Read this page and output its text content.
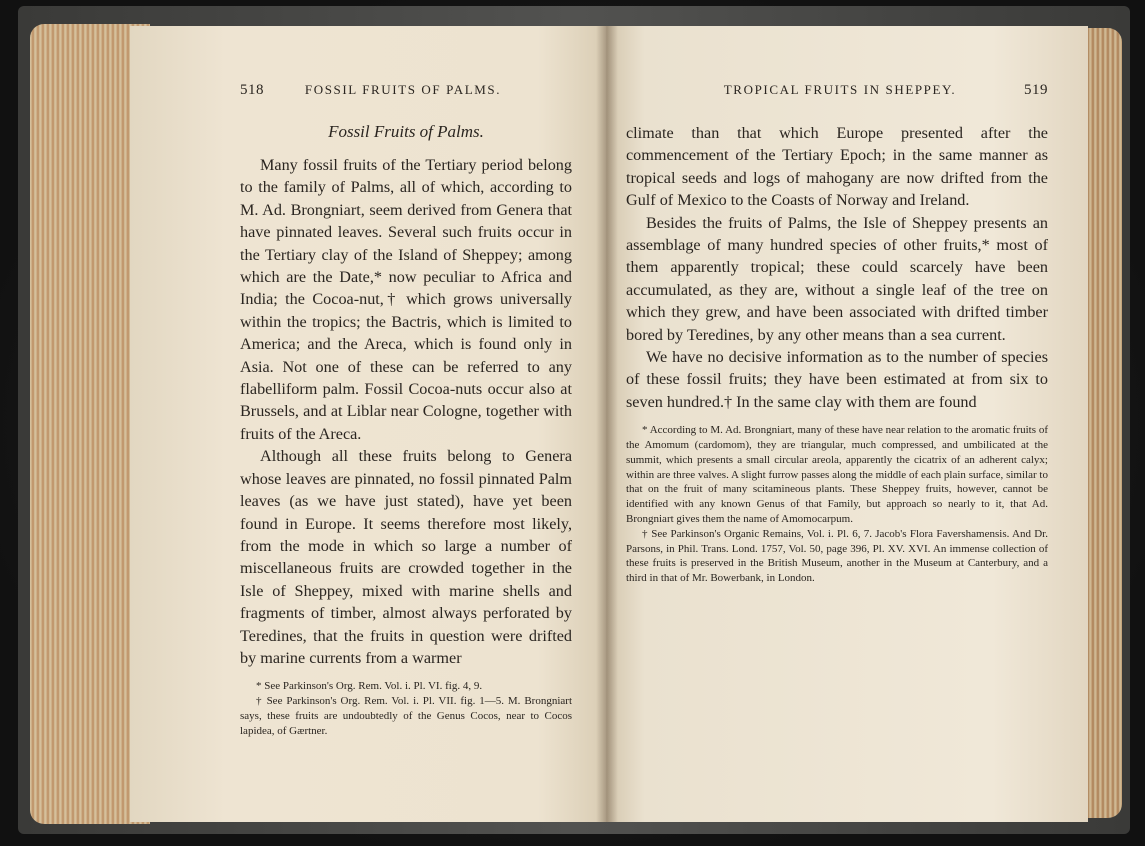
518	FOSSIL FRUITS OF PALMS.

Fossil Fruits of Palms.

Many fossil fruits of the Tertiary period belong to the family of Palms, all of which, according to M. Ad. Brongniart, seem derived from Genera that have pinnated leaves. Several such fruits occur in the Tertiary clay of the Island of Sheppey; among which are the Date,* now peculiar to Africa and India; the Cocoa-nut,† which grows universally within the tropics; the Bactris, which is limited to America; and the Areca, which is found only in Asia. Not one of these can be referred to any flabelliform palm. Fossil Cocoa-nuts occur also at Brussels, and at Liblar near Cologne, together with fruits of the Areca.

Although all these fruits belong to Genera whose leaves are pinnated, no fossil pinnated Palm leaves (as we have just stated), have yet been found in Europe. It seems therefore most likely, from the mode in which so large a number of miscellaneous fruits are crowded together in the Isle of Sheppey, mixed with marine shells and fragments of timber, almost always perforated by Teredines, that the fruits in question were drifted by marine currents from a warmer

* See Parkinson's Org. Rem. Vol. i. Pl. VI. fig. 4, 9.

† See Parkinson's Org. Rem. Vol. i. Pl. VII. fig. 1—5. M. Brongniart says, these fruits are undoubtedly of the Genus Cocos, near to Cocos lapidea, of Gærtner.

TROPICAL FRUITS IN SHEPPEY.	519

climate than that which Europe presented after the commencement of the Tertiary Epoch; in the same manner as tropical seeds and logs of mahogany are now drifted from the Gulf of Mexico to the Coasts of Norway and Ireland.

Besides the fruits of Palms, the Isle of Sheppey presents an assemblage of many hundred species of other fruits,* most of them apparently tropical; these could scarcely have been accumulated, as they are, without a single leaf of the tree on which they grew, and have been associated with drifted timber bored by Teredines, by any other means than a sea current.

We have no decisive information as to the number of species of these fossil fruits; they have been estimated at from six to seven hundred.† In the same clay with them are found

* According to M. Ad. Brongniart, many of these have near relation to the aromatic fruits of the Amomum (cardomom), they are triangular, much compressed, and umbilicated at the summit, which presents a small circular areola, apparently the cicatrix of an adherent calyx; within are three valves. A slight furrow passes along the middle of each plain surface, similar to that on the fruit of many scitamineous plants. These Sheppey fruits, however, cannot be identified with any known Genus of that Family, but approach so nearly to it, that Ad. Brongniart gives them the name of Amomocarpum.

† See Parkinson's Organic Remains, Vol. i. Pl. 6, 7. Jacob's Flora Favershamensis. And Dr. Parsons, in Phil. Trans. Lond. 1757, Vol. 50, page 396, Pl. XV. XVI. An immense collection of these fruits is preserved in the British Museum, another in the Museum at Canterbury, and a third in that of Mr. Bowerbank, in London.
